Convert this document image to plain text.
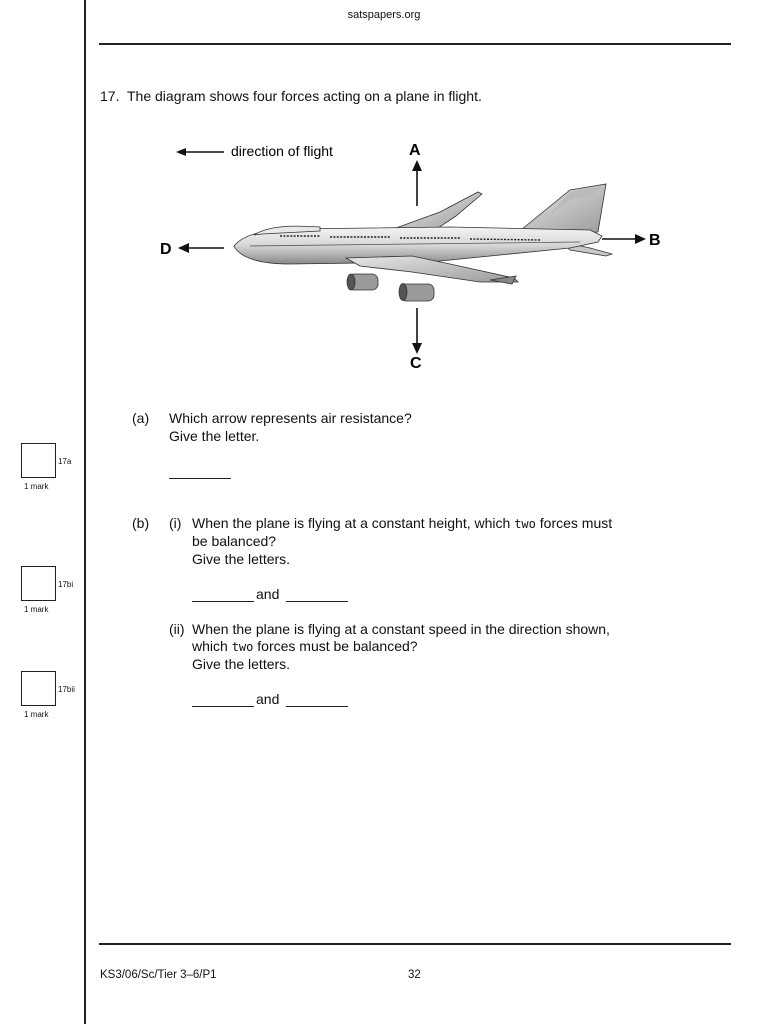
satspapers.org
17. The diagram shows four forces acting on a plane in flight.
direction of flight	A
B
C
D
(a) Which arrow represents air resistance?
Give the letter.
(b) (i) When the plane is flying at a constant height, which two forces must
be balanced?
Give the letters.
and
(ii) When the plane is flying at a constant speed in the direction shown,
which two forces must be balanced?
Give the letters.
and
17a
1 mark
17bi
1 mark
17bii
1 mark
KS3/06/Sc/Tier 3–6/P1	32
